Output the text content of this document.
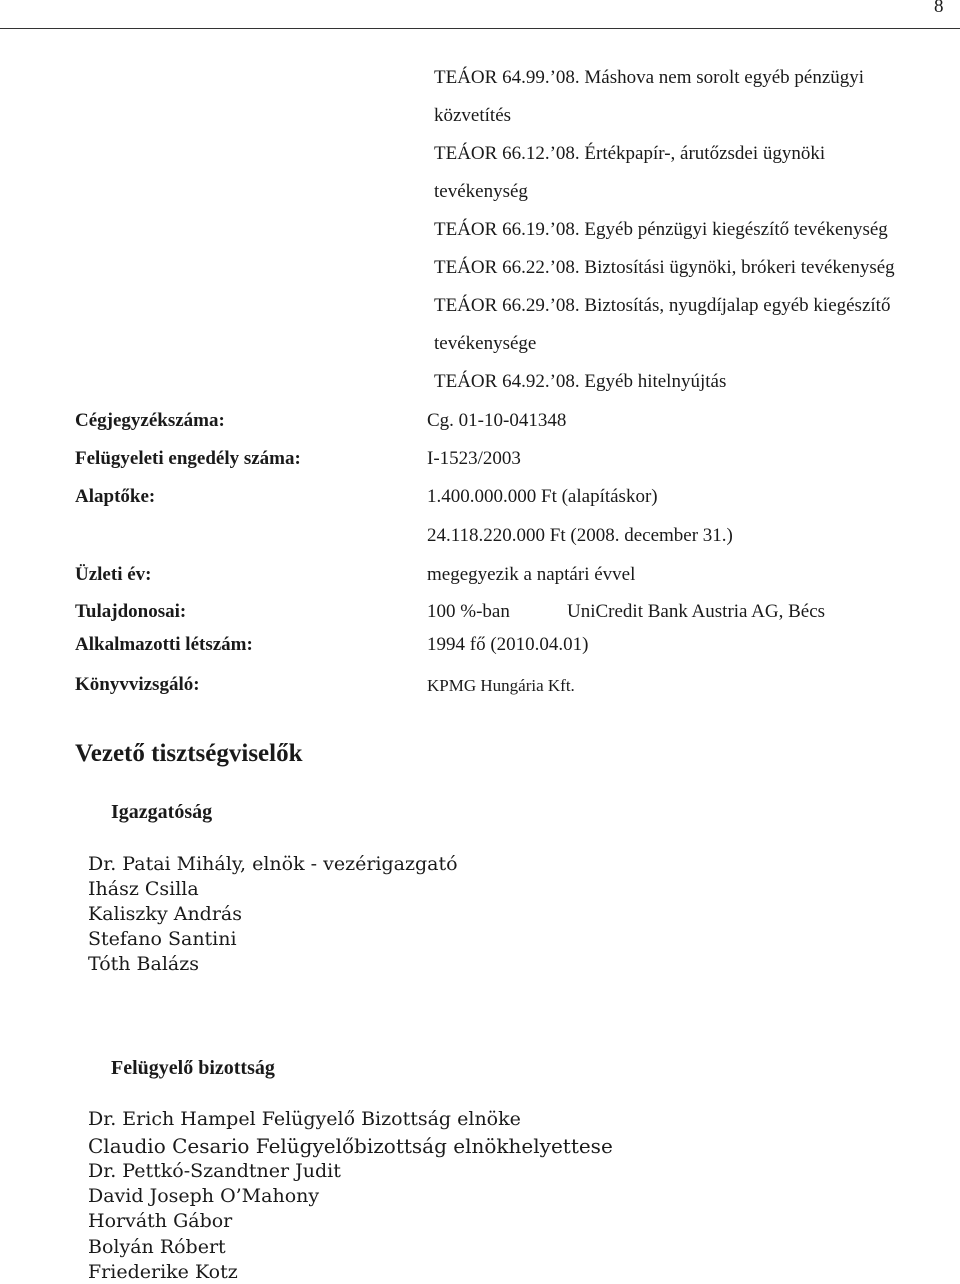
8
TEÁOR 64.99.’08. Máshova nem sorolt egyéb pénzügyi
közvetítés
TEÁOR 66.12.’08. Értékpapír-, árutőzsdei ügynöki
tevékenység
TEÁOR 66.19.’08. Egyéb pénzügyi kiegészítő tevékenység
TEÁOR 66.22.’08. Biztosítási ügynöki, brókeri tevékenység
TEÁOR 66.29.’08. Biztosítás, nyugdíjalap egyéb kiegészítő
tevékenysége
TEÁOR 64.92.’08. Egyéb hitelnyújtás
Cégjegyzékszáma:	Cg. 01-10-041348
Felügyeleti engedély száma:	I-1523/2003
Alaptőke:	1.400.000.000 Ft (alapításkor)
24.118.220.000 Ft (2008. december 31.)
Üzleti év:	megegyezik a naptári évvel
Tulajdonosai:	100 %-ban	UniCredit Bank Austria AG, Bécs
Alkalmazotti létszám:	1994 fő (2010.04.01)
Könyvvizsgáló:	KPMG Hungária Kft.
Vezető tisztségviselők
Igazgatóság
Dr. Patai Mihály, elnök - vezérigazgató
Ihász Csilla
Kaliszky András
Stefano Santini
Tóth Balázs
Felügyelő bizottság
Dr. Erich Hampel Felügyelő Bizottság elnöke
Claudio Cesario Felügyelőbizottság elnökhelyettese
Dr. Pettkó-Szandtner Judit
David Joseph O’Mahony
Horváth Gábor
Bolyán Róbert
Friederike Kotz
